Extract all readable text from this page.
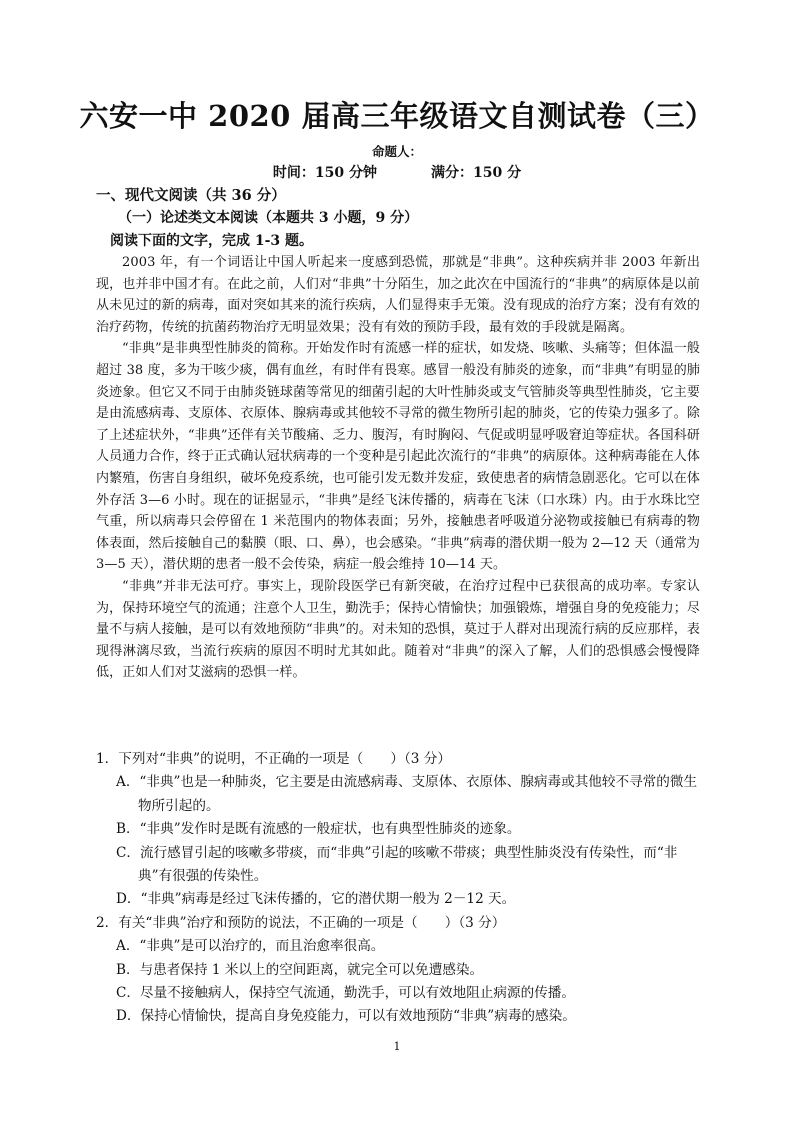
六安一中 2020 届高三年级语文自测试卷（三）
命题人：
时间：150 分钟	满分：150 分
一、现代文阅读（共 36 分）
（一）论述类文本阅读（本题共 3 小题，9 分）
阅读下面的文字，完成 1-3 题。

2003 年，有一个词语让中国人听起来一度感到恐慌，那就是“非典”。这种疾病并非 2003 年新出现，也并非中国才有。在此之前，人们对“非典”十分陌生，加之此次在中国流行的“非典”的病原体是以前从未见过的新的病毒，面对突如其来的流行疾病，人们显得束手无策。没有现成的治疗方案；没有有效的治疗药物，传统的抗菌药物治疗无明显效果；没有有效的预防手段，最有效的手段就是隔离。

“非典”是非典型性肺炎的简称。开始发作时有流感一样的症状，如发烧、咳嗽、头痛等；但体温一般超过 38 度，多为干咳少痰，偶有血丝，有时伴有畏寒。感冒一般没有肺炎的迹象，而“非典”有明显的肺炎迹象。但它又不同于由肺炎链球菌等常见的细菌引起的大叶性肺炎或支气管肺炎等典型性肺炎，它主要是由流感病毒、支原体、衣原体、腺病毒或其他较不寻常的微生物所引起的肺炎，它的传染力强多了。除了上述症状外，“非典”还伴有关节酸痛、乏力、腹泻，有时胸闷、气促或明显呼吸窘迫等症状。各国科研人员通力合作，终于正式确认冠状病毒的一个变种是引起此次流行的“非典”的病原体。这种病毒能在人体内繁殖，伤害自身组织，破坏免疫系统，也可能引发无数并发症，致使患者的病情急剧恶化。它可以在体外存活 3—6 小时。现在的证据显示，“非典”是经飞沫传播的，病毒在飞沫（口水珠）内。由于水珠比空气重，所以病毒只会停留在 1 米范围内的物体表面；另外，接触患者呼吸道分泌物或接触已有病毒的物体表面，然后接触自己的黏膜（眼、口、鼻），也会感染。“非典”病毒的潜伏期一般为 2—12 天（通常为 3—5 天），潜伏期的患者一般不会传染，病症一般会维持 10—14 天。

“非典”并非无法可疗。事实上，现阶段医学已有新突破，在治疗过程中已获很高的成功率。专家认为，保持环境空气的流通；注意个人卫生，勤洗手；保持心情愉快；加强锻炼，增强自身的免疫能力；尽量不与病人接触，是可以有效地预防“非典”的。对未知的恐惧，莫过于人群对出现流行病的反应那样，表现得淋漓尽致，当流行疾病的原因不明时尤其如此。随着对“非典”的深入了解，人们的恐惧感会慢慢降低，正如人们对艾滋病的恐惧一样。

1．下列对“非典”的说明，不正确的一项是（　　）（3 分）

A．“非典”也是一种肺炎，它主要是由流感病毒、支原体、衣原体、腺病毒或其他较不寻常的微生物所引起的。

B．“非典”发作时是既有流感的一般症状，也有典型性肺炎的迹象。

C．流行感冒引起的咳嗽多带痰，而“非典”引起的咳嗽不带痰；典型性肺炎没有传染性，而“非典”有很强的传染性。

D．“非典”病毒是经过飞沫传播的，它的潜伏期一般为 2－12 天。

2．有关“非典”治疗和预防的说法，不正确的一项是（　　）（3 分）

A．“非典”是可以治疗的，而且治愈率很高。

B．与患者保持 1 米以上的空间距离，就完全可以免遭感染。

C．尽量不接触病人，保持空气流通，勤洗手，可以有效地阻止病源的传播。

D．保持心情愉快，提高自身免疫能力，可以有效地预防“非典”病毒的感染。

1
